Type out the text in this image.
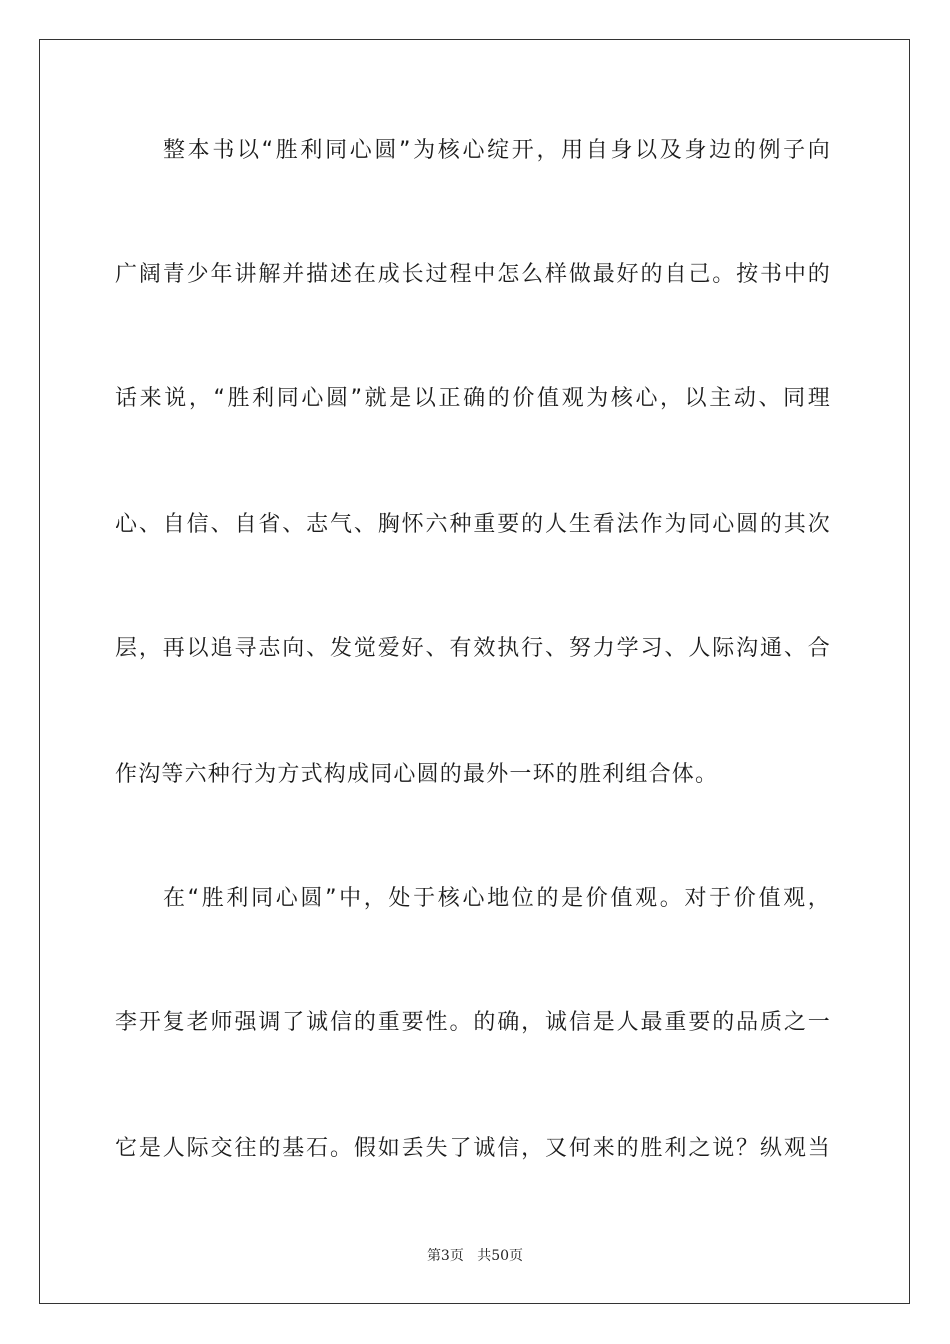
整本书以“胜利同心圆”为核心绽开，用自身以及身边的例子向
广阔青少年讲解并描述在成长过程中怎么样做最好的自己。按书中的
话来说，“胜利同心圆”就是以正确的价值观为核心，以主动、同理
心、自信、自省、志气、胸怀六种重要的人生看法作为同心圆的其次
层，再以追寻志向、发觉爱好、有效执行、努力学习、人际沟通、合
作沟等六种行为方式构成同心圆的最外一环的胜利组合体。
在“胜利同心圆”中，处于核心地位的是价值观。对于价值观，
李开复老师强调了诚信的重要性。的确，诚信是人最重要的品质之一
它是人际交往的基石。假如丢失了诚信，又何来的胜利之说？纵观当
第3页 共50页
